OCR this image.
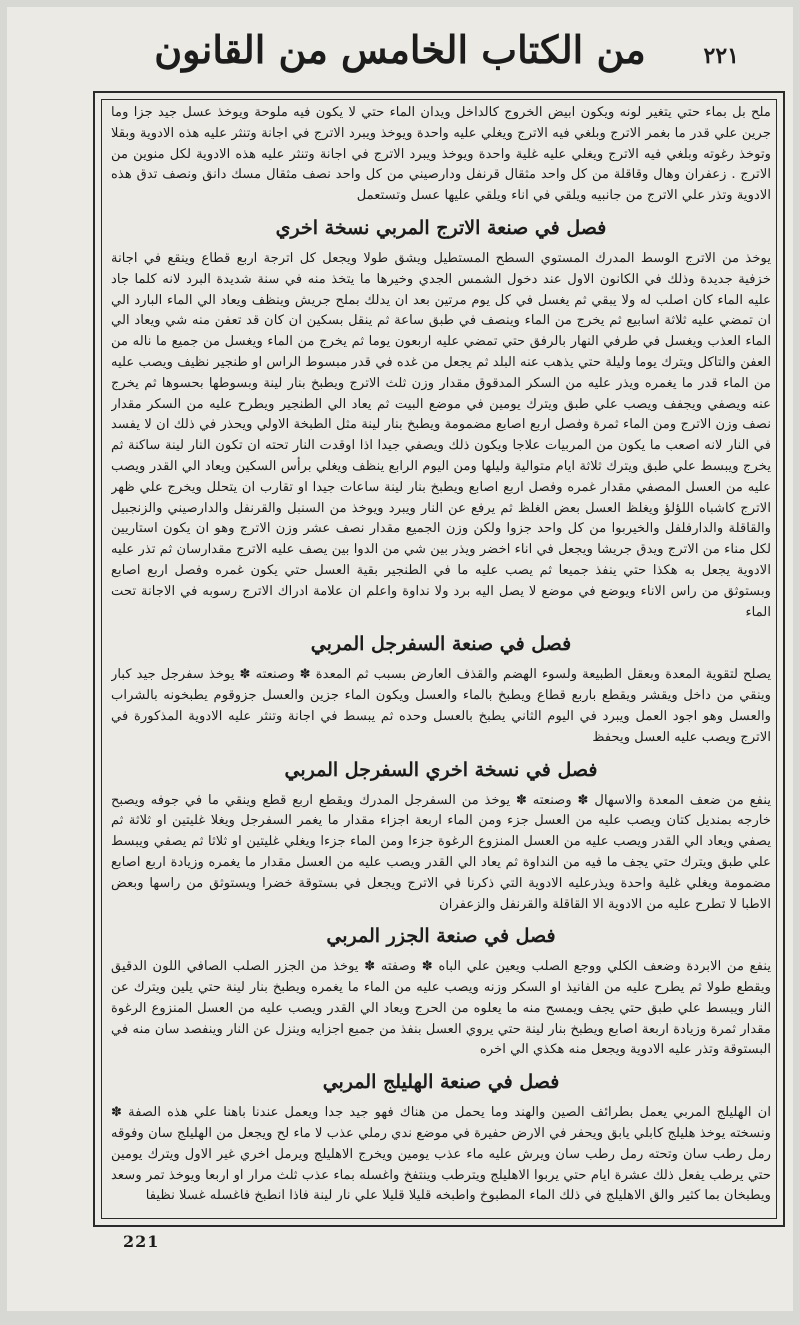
من الكتاب الخامس من القانون	٢٢١

ملح بل بماء حتي يتغير لونه ويكون ابيض الخروج كالداخل ويدان الماء حتي لا يكون فيه ملوحة ويوخذ عسل جيد جزا وما جرين علي قدر ما بغمر الاترج وبلغي فيه الاترج ويغلي عليه واحدة ويوخذ ويبرد الاترج في اجانة وتنثر عليه هذه الادوية وبقلا وتوخذ رغوته وبلغي فيه الاترج ويغلي عليه غلية واحدة ويوخذ ويبرد الاترج في اجانة وتنثر عليه هذه الادوية لكل منوين من الاترج . زعفران وهال وقاقلة من كل واحد مثقال قرنفل ودارصيني من كل واحد نصف مثقال مسك دانق ونصف تدق هذه الادوية وتذر علي الاترج من جانبيه ويلقي في اناء ويلقي عليها عسل وتستعمل

فصل في صنعة الاترج المربي نسخة اخري

يوخذ من الاترج الوسط المدرك المستوي السطح المستطيل ويشق طولا ويجعل كل اترجة اربع قطاع وينقع في اجانة خزفية جديدة وذلك في الكانون الاول عند دخول الشمس الجدي وخيرها ما يتخذ منه في سنة شديدة البرد لانه كلما جاد عليه الماء كان اصلب له ولا يبقي ثم يغسل في كل يوم مرتين بعد ان يدلك بملح جريش وينظف ويعاد الي الماء البارد الي ان تمضي عليه ثلاثة اسابيع ثم يخرج من الماء وينصف في طبق ساعة ثم ينقل بسكين ان كان قد تعفن منه شي ويعاد الي الماء العذب ويغسل في طرفي النهار بالرفق حتي تمضي عليه اربعون يوما ثم يخرج من الماء ويغسل من جميع ما ناله من العفن والتاكل ويترك يوما وليلة حتي يذهب عنه البلد ثم يجعل من غده في قدر مبسوط الراس او طنجير نظيف ويصب عليه من الماء قدر ما يغمره ويذر عليه من السكر المدقوق مقدار وزن ثلث الاترج ويطبخ بنار لينة وبسوطها بحسوها ثم يخرج عنه ويصفي ويجفف ويصب علي طبق ويترك يومين في موضع البيت ثم يعاد الي الطنجير ويطرح عليه من السكر مقدار نصف وزن الاترج ومن الماء ثمرة وفصل اربع اصابع مضمومة ويطبخ بنار لينة مثل الطبخة الاولي ويحذر في ذلك ان لا يفسد في النار لانه اصعب ما يكون من المربيات علاجا ويكون ذلك ويصفي جيدا اذا اوقدت النار تحته ان تكون النار لينة ساكنة ثم يخرج ويبسط علي طبق ويترك ثلاثة ايام متوالية وليلها ومن اليوم الرابع ينظف ويغلي برأس السكين ويعاد الي القدر ويصب عليه من العسل المصفي مقدار غمره وفصل اربع اصابع ويطبخ بنار لينة ساعات جيدا او تقارب ان يتحلل ويخرج علي ظهر الاترج كاشباه اللؤلؤ ويغلظ العسل بعض الغلظ ثم يرفع عن النار ويبرد ويوخذ من السنبل والقرنفل والدارصيني والزنجبيل والقاقلة والدارفلفل والخيربوا من كل واحد جزوا ولكن وزن الجميع مقدار نصف عشر وزن الاترج وهو ان يكون استاريين لكل مناء من الاترج ويدق جريشا ويجعل في اناء اخضر ويذر بين شي من الدوا بين يصف عليه الاترج مقدارسان ثم تذر عليه الادوية يجعل به هكذا حتي ينفذ جميعا ثم يصب عليه ما في الطنجير بقية العسل حتي يكون غمره وفصل اربع اصابع وبستوثق من راس الاناء ويوضع في موضع لا يصل اليه برد ولا نداوة واعلم ان علامة ادراك الاترج رسوبه في الاجانة تحت الماء

فصل في صنعة السفرجل المربي

يصلح لتقوية المعدة وبعقل الطبيعة ولسوء الهضم والقذف العارض بسبب ثم المعدة ✽ وصنعته ✽ يوخذ سفرجل جيد كبار وينقي من داخل ويقشر ويقطع باربع قطاع ويطبخ بالماء والعسل ويكون الماء جزين والعسل جزوقوم يطبخونه بالشراب والعسل وهو اجود العمل ويبرد في اليوم الثاني يطبخ بالعسل وحده ثم يبسط في اجانة وتنثر عليه الادوية المذكورة في الاترج ويصب عليه العسل ويحفظ

فصل في نسخة اخري السفرجل المربي

ينفع من ضعف المعدة والاسهال ✽ وصنعته ✽ يوخذ من السفرجل المدرك ويقطع اربع قطع وينقي ما في جوفه ويصبح خارجه بمنديل كتان ويصب عليه من العسل جزء ومن الماء اربعة اجزاء مقدار ما يغمر السفرجل ويغلا غليتين او ثلاثة ثم يصفي ويعاد الي القدر ويصب عليه من العسل المنزوع الرغوة جزءا ومن الماء جزءا ويغلي غليتين او ثلاثا ثم يصفي ويبسط علي طبق ويترك حتي يجف ما فيه من النداوة ثم يعاد الي القدر ويصب عليه من العسل مقدار ما يغمره وزيادة اربع اصابع مضمومة ويغلي غلية واحدة ويذرعليه الادوية التي ذكرنا في الاترج ويجعل في بستوقة خضرا ويستوثق من راسها وبعض الاطبا لا تطرح عليه من الادوية الا القاقلة والقرنفل والزعفران

فصل في صنعة الجزر المربي

ينفع من الابردة وضعف الكلي ووجع الصلب ويعين علي الباه ✽ وصفته ✽ يوخذ من الجزر الصلب الصافي اللون الدقيق ويقطع طولا ثم يطرح عليه من الفانيذ او السكر وزنه ويصب عليه من الماء ما يغمره ويطبخ بنار لينة حتي يلين ويترك عن النار ويبسط علي طبق حتي يجف ويمسح منه ما يعلوه من الحرج ويعاد الي القدر ويصب عليه من العسل المنزوع الرغوة مقدار ثمرة وزيادة اربعة اصابع ويطبخ بنار لينة حتي يروي العسل بنفذ من جميع اجزايه وينزل عن النار وينفصد سان منه في البستوقة وتذر عليه الادوية ويجعل منه هكذي الي اخره

فصل في صنعة الهليلج المربي

ان الهليلج المربي يعمل بطرائف الصين والهند وما يحمل من هناك فهو جيد جدا ويعمل عندنا باهنا علي هذه الصفة ✽ ونسخته يوخذ هليلج كابلي يابق ويحفر في الارض حفيرة في موضع ندي رملي عذب لا ماء لح ويجعل من الهليلج سان وفوقه رمل رطب سان وتحته رمل رطب سان ويرش عليه ماء عذب يومين ويخرج الاهليلج ويرمل اخري غير الاول ويترك يومين حتي يرطب يفعل ذلك عشرة ايام حتي يربوا الاهليلج ويترطب وينتفخ واغسله بماء عذب ثلث مرار او اربعا ويوخذ تمر وسعد ويطبخان بما كثير والق الاهليلج في ذلك الماء المطبوخ واطبخه قليلا قليلا علي نار لينة فاذا انطبخ فاغسله غسلا نظيفا

221
